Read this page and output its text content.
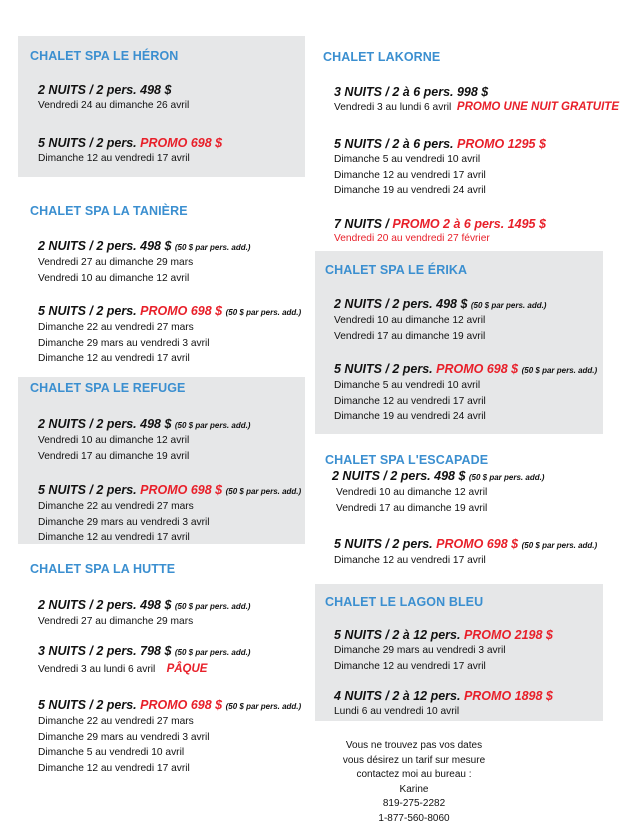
CHALET SPA LE HÉRON
2 NUITS / 2 pers. 498 $
Vendredi 24 au dimanche 26 avril
5 NUITS / 2 pers. PROMO 698 $
Dimanche 12 au vendredi 17 avril
CHALET SPA LA TANIÈRE
2 NUITS / 2 pers. 498 $ (50 $ par pers. add.)
Vendredi 27 au dimanche 29 mars
Vendredi 10 au dimanche 12 avril
5 NUITS / 2 pers. PROMO 698 $ (50 $ par pers. add.)
Dimanche 22 au vendredi 27 mars
Dimanche 29 mars au vendredi 3 avril
Dimanche 12 au vendredi 17 avril
CHALET SPA LE REFUGE
2 NUITS / 2 pers. 498 $ (50 $ par pers. add.)
Vendredi 10 au dimanche 12 avril
Vendredi 17 au dimanche 19 avril
5 NUITS / 2 pers. PROMO 698 $ (50 $ par pers. add.)
Dimanche 22 au vendredi 27 mars
Dimanche 29 mars au vendredi 3 avril
Dimanche 12 au vendredi 17 avril
CHALET SPA LA HUTTE
2 NUITS / 2 pers. 498 $ (50 $ par pers. add.)
Vendredi 27 au dimanche 29 mars
3 NUITS / 2 pers. 798 $ (50 $ par pers. add.)
Vendredi 3 au lundi 6 avril PÂQUE
5 NUITS / 2 pers. PROMO 698 $ (50 $ par pers. add.)
Dimanche 22 au vendredi 27 mars
Dimanche 29 mars au vendredi 3 avril
Dimanche 5 au vendredi 10 avril
Dimanche 12 au vendredi 17 avril
CHALET LAKORNE
3 NUITS / 2 à 6 pers. 998 $
Vendredi 3 au lundi 6 avril PROMO UNE NUIT GRATUITE
5 NUITS / 2 à 6 pers. PROMO 1295 $
Dimanche 5 au vendredi 10 avril
Dimanche 12 au vendredi 17 avril
Dimanche 19 au vendredi 24 avril
7 NUITS / PROMO 2 à 6 pers. 1495 $
Vendredi 20 au vendredi 27 février
CHALET SPA LE ÉRIKA
2 NUITS / 2 pers. 498 $ (50 $ par pers. add.)
Vendredi 10 au dimanche 12 avril
Vendredi 17 au dimanche 19 avril
5 NUITS / 2 pers. PROMO 698 $ (50 $ par pers. add.)
Dimanche 5 au vendredi 10 avril
Dimanche 12 au vendredi 17 avril
Dimanche 19 au vendredi 24 avril
CHALET SPA L'ESCAPADE
2 NUITS / 2 pers. 498 $ (50 $ par pers. add.)
Vendredi 10 au dimanche 12 avril
Vendredi 17 au dimanche 19 avril
5 NUITS / 2 pers. PROMO 698 $ (50 $ par pers. add.)
Dimanche 12 au vendredi 17 avril
CHALET LE LAGON BLEU
5 NUITS / 2 à 12 pers. PROMO 2198 $
Dimanche 29 mars au vendredi 3 avril
Dimanche 12 au vendredi 17 avril
4 NUITS / 2 à 12 pers. PROMO 1898 $
Lundi 6 au vendredi 10 avril
Vous ne trouvez pas vos dates
vous désirez un tarif sur mesure
contactez moi au bureau :
Karine
819-275-2282
1-877-560-8060
